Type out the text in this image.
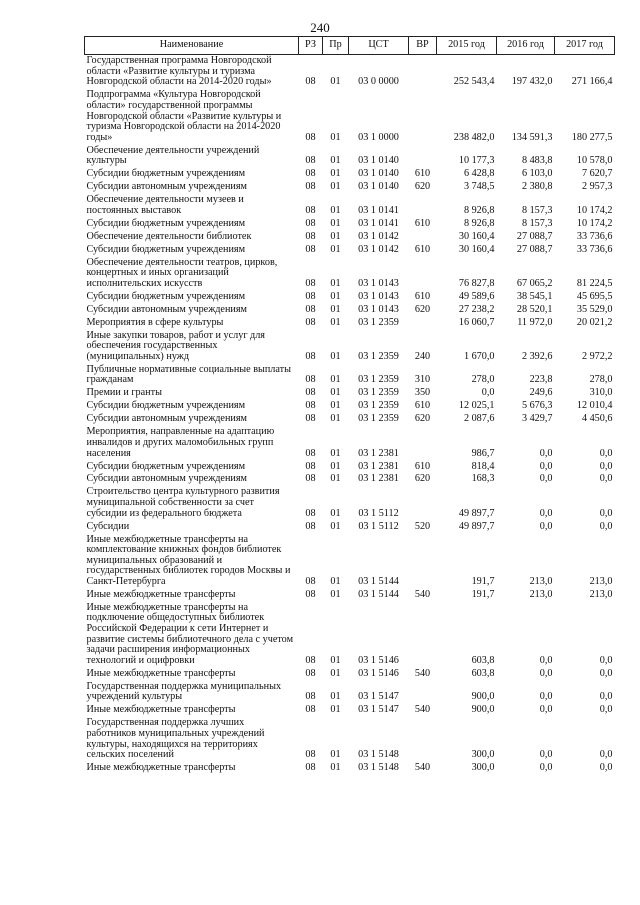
240
Наименование	РЗ	Пр	ЦСТ	ВР	2015 год	2016 год	2017 год
Государственная программа Новгородской области «Развитие культуры и туризма Новгородской области на 2014-2020 годы»	08	01	03 0 0000		252 543,4	197 432,0	271 166,4
Подпрограмма «Культура Новгородской области» государственной программы Новгородской области «Развитие культуры и туризма Новгородской области на 2014-2020 годы»	08	01	03 1 0000		238 482,0	134 591,3	180 277,5
Обеспечение деятельности учреждений культуры	08	01	03 1 0140		10 177,3	8 483,8	10 578,0
Субсидии бюджетным учреждениям	08	01	03 1 0140	610	6 428,8	6 103,0	7 620,7
Субсидии автономным учреждениям	08	01	03 1 0140	620	3 748,5	2 380,8	2 957,3
Обеспечение деятельности музеев и постоянных выставок	08	01	03 1 0141		8 926,8	8 157,3	10 174,2
Субсидии бюджетным учреждениям	08	01	03 1 0141	610	8 926,8	8 157,3	10 174,2
Обеспечение деятельности библиотек	08	01	03 1 0142		30 160,4	27 088,7	33 736,6
Субсидии бюджетным учреждениям	08	01	03 1 0142	610	30 160,4	27 088,7	33 736,6
Обеспечение деятельности театров, цирков, концертных и иных организаций исполнительских искусств	08	01	03 1 0143		76 827,8	67 065,2	81 224,5
Субсидии бюджетным учреждениям	08	01	03 1 0143	610	49 589,6	38 545,1	45 695,5
Субсидии автономным учреждениям	08	01	03 1 0143	620	27 238,2	28 520,1	35 529,0
Мероприятия в сфере культуры	08	01	03 1 2359		16 060,7	11 972,0	20 021,2
Иные закупки товаров, работ и услуг для обеспечения государственных (муниципальных) нужд	08	01	03 1 2359	240	1 670,0	2 392,6	2 972,2
Публичные нормативные социальные выплаты гражданам	08	01	03 1 2359	310	278,0	223,8	278,0
Премии и гранты	08	01	03 1 2359	350	0,0	249,6	310,0
Субсидии бюджетным учреждениям	08	01	03 1 2359	610	12 025,1	5 676,3	12 010,4
Субсидии автономным учреждениям	08	01	03 1 2359	620	2 087,6	3 429,7	4 450,6
Мероприятия, направленные на адаптацию инвалидов и других маломобильных групп населения	08	01	03 1 2381		986,7	0,0	0,0
Субсидии бюджетным учреждениям	08	01	03 1 2381	610	818,4	0,0	0,0
Субсидии автономным учреждениям	08	01	03 1 2381	620	168,3	0,0	0,0
Строительство центра культурного развития муниципальной собственности за счет субсидии из федерального бюджета	08	01	03 1 5112		49 897,7	0,0	0,0
Субсидии	08	01	03 1 5112	520	49 897,7	0,0	0,0
Иные межбюджетные трансферты на комплектование книжных фондов библиотек муниципальных образований и государственных библиотек городов Москвы и Санкт-Петербурга	08	01	03 1 5144		191,7	213,0	213,0
Иные межбюджетные трансферты	08	01	03 1 5144	540	191,7	213,0	213,0
Иные межбюджетные трансферты на подключение общедоступных библиотек Российской Федерации к сети Интернет и развитие системы библиотечного дела с учетом задачи расширения информационных технологий и оцифровки	08	01	03 1 5146		603,8	0,0	0,0
Иные межбюджетные трансферты	08	01	03 1 5146	540	603,8	0,0	0,0
Государственная поддержка муниципальных учреждений культуры	08	01	03 1 5147		900,0	0,0	0,0
Иные межбюджетные трансферты	08	01	03 1 5147	540	900,0	0,0	0,0
Государственная поддержка лучших работников муниципальных учреждений культуры, находящихся на территориях сельских поселений	08	01	03 1 5148		300,0	0,0	0,0
Иные межбюджетные трансферты	08	01	03 1 5148	540	300,0	0,0	0,0
